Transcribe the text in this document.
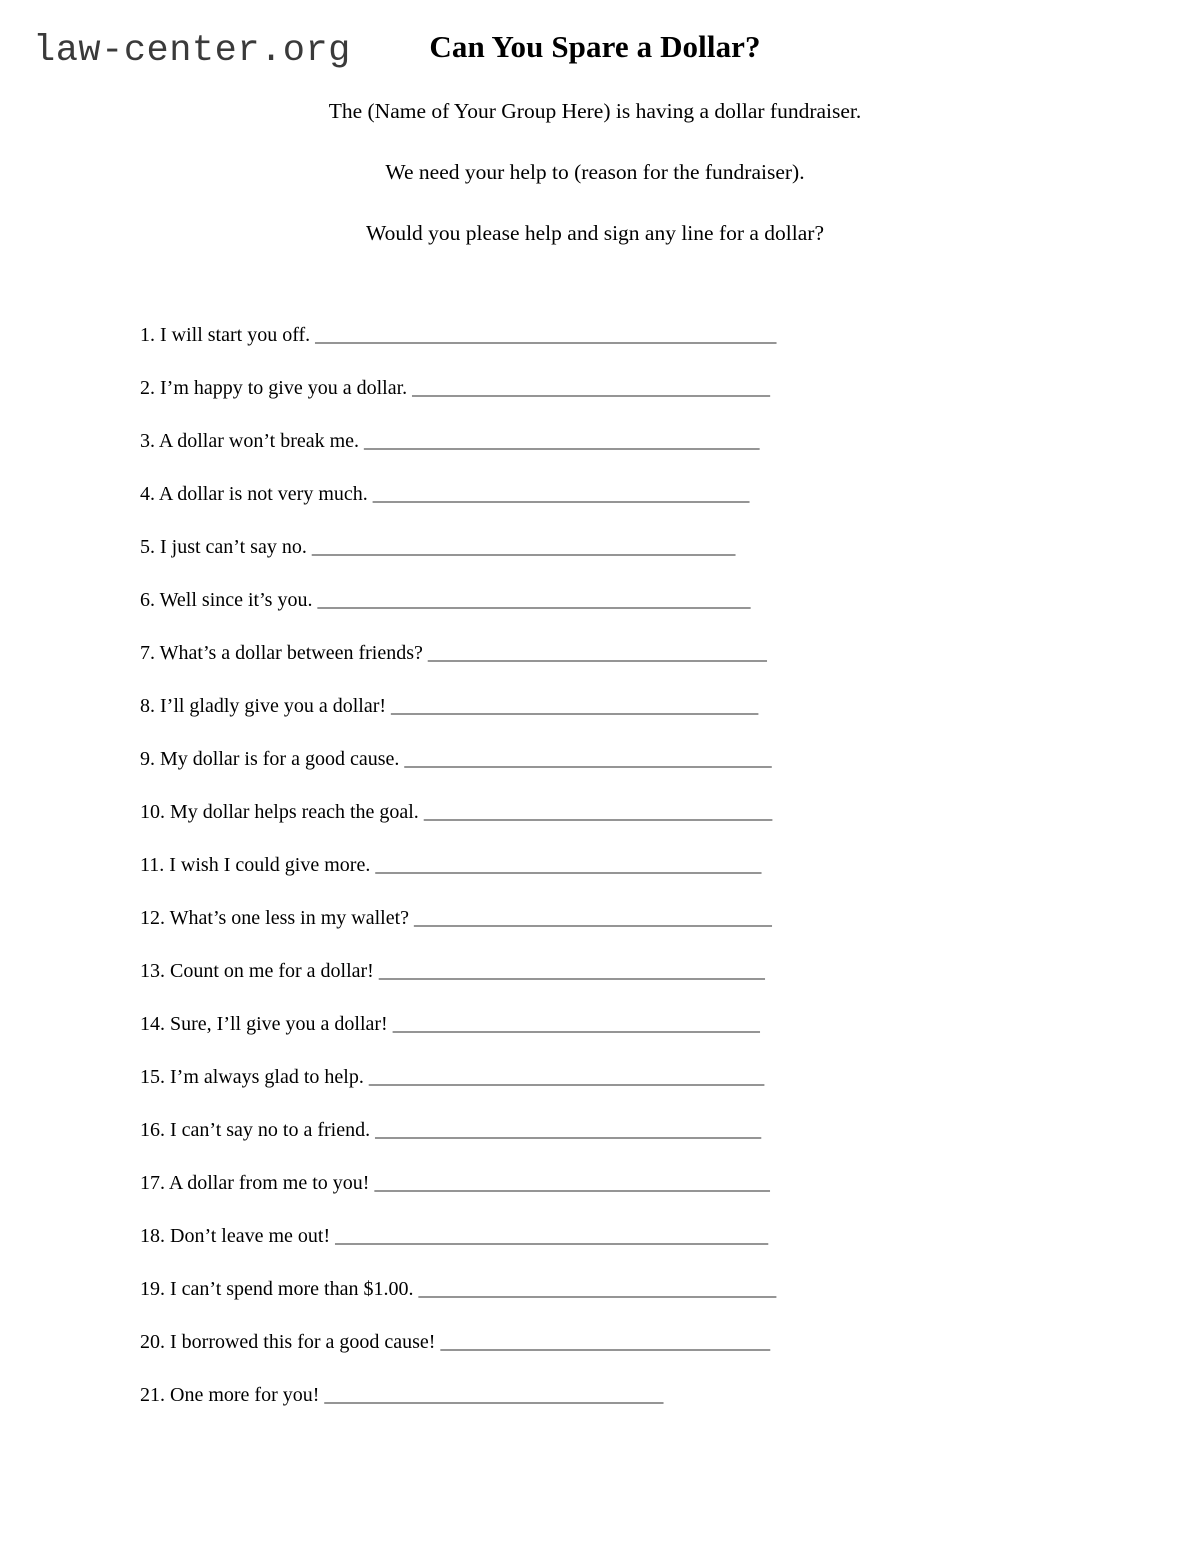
law-center.org	Can You Spare a Dollar?

The (Name of Your Group Here) is having a dollar fundraiser.

We need your help to (reason for the fundraiser).

Would you please help and sign any line for a dollar?

1. I will start you off. _________________________________________________
2. I’m happy to give you a dollar. ______________________________________
3. A dollar won’t break me. __________________________________________
4. A dollar is not very much. ________________________________________
5. I just can’t say no. _____________________________________________
6. Well since it’s you. ______________________________________________
7. What’s a dollar between friends? ____________________________________
8. I’ll gladly give you a dollar! _______________________________________
9. My dollar is for a good cause. _______________________________________
10. My dollar helps reach the goal. _____________________________________
11. I wish I could give more. _________________________________________
12. What’s one less in my wallet? ______________________________________
13. Count on me for a dollar! _________________________________________
14. Sure, I’ll give you a dollar! _______________________________________
15. I’m always glad to help. __________________________________________
16. I can’t say no to a friend. _________________________________________
17. A dollar from me to you! __________________________________________
18. Don’t leave me out! ______________________________________________
19. I can’t spend more than $1.00. ______________________________________
20. I borrowed this for a good cause! ___________________________________
21. One more for you! ____________________________________
